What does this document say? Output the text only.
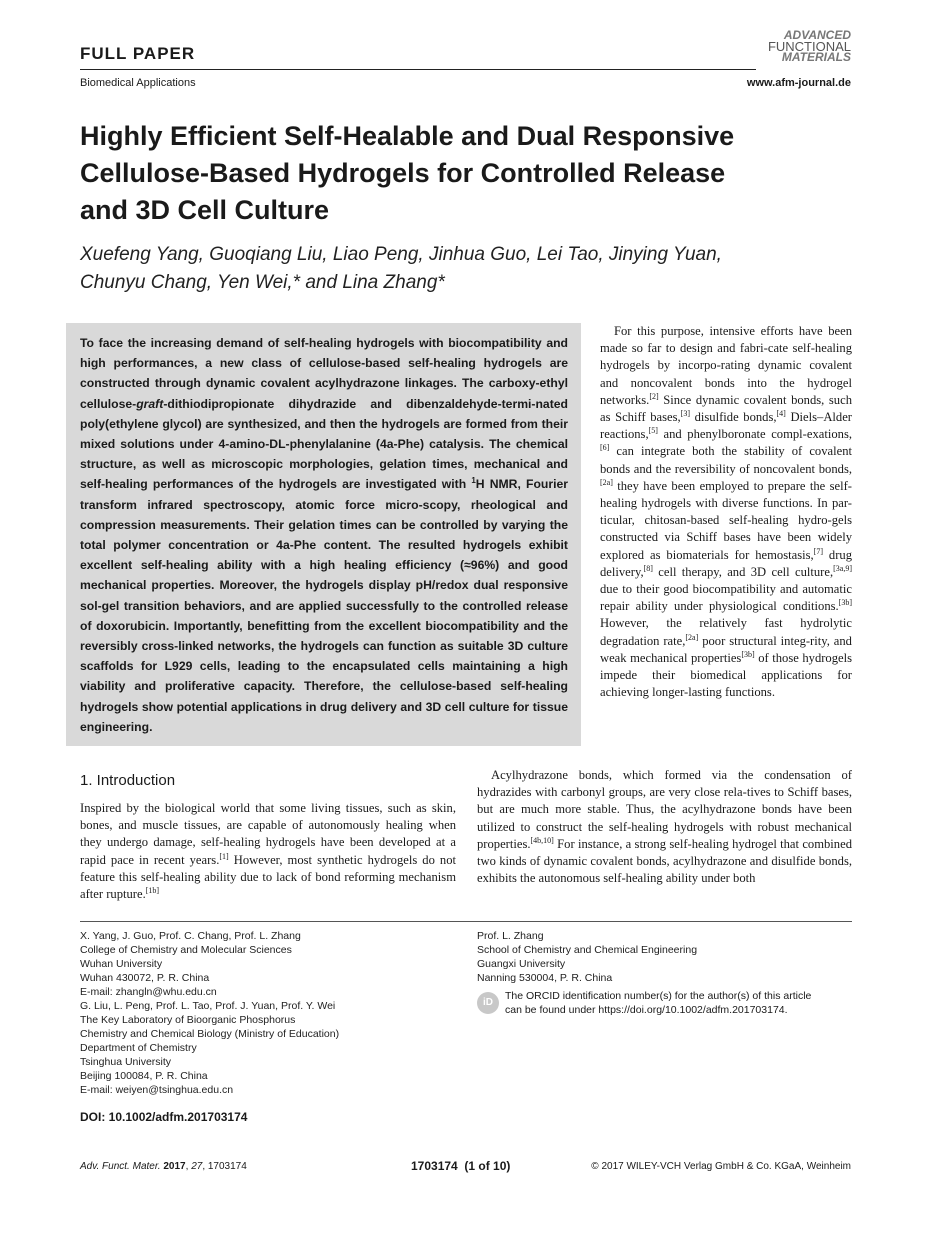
FULL PAPER
ADVANCED
FUNCTIONAL
MATERIALS
Biomedical Applications	www.afm-journal.de
Highly Efficient Self-Healable and Dual Responsive Cellulose-Based Hydrogels for Controlled Release and 3D Cell Culture
Xuefeng Yang, Guoqiang Liu, Liao Peng, Jinhua Guo, Lei Tao, Jinying Yuan,
Chunyu Chang, Yen Wei,* and Lina Zhang*
To face the increasing demand of self-healing hydrogels with biocompatibility and high performances, a new class of cellulose-based self-healing hydrogels are constructed through dynamic covalent acylhydrazone linkages. The carboxy-ethyl cellulose-graft-dithiodipropionate dihydrazide and dibenzaldehyde-termi-nated poly(ethylene glycol) are synthesized, and then the hydrogels are formed from their mixed solutions under 4-amino-DL-phenylalanine (4a-Phe) catalysis. The chemical structure, as well as microscopic morphologies, gelation times, mechanical and self-healing performances of the hydrogels are investigated with $^1$H NMR, Fourier transform infrared spectroscopy, atomic force micro-scopy, rheological and compression measurements. Their gelation times can be controlled by varying the total polymer concentration or 4a-Phe content. The resulted hydrogels exhibit excellent self-healing ability with a high healing efficiency (≈96%) and good mechanical properties. Moreover, the hydrogels display pH/redox dual responsive sol-gel transition behaviors, and are applied successfully to the controlled release of doxorubicin. Importantly, benefitting from the excellent biocompatibility and the reversibly cross-linked networks, the hydrogels can function as suitable 3D culture scaffolds for L929 cells, leading to the encapsulated cells maintaining a high viability and proliferative capacity. Therefore, the cellulose-based self-healing hydrogels show potential applications in drug delivery and 3D cell culture for tissue engineering.
For this purpose, intensive efforts have been made so far to design and fabri-cate self-healing hydrogels by incorpo-rating dynamic covalent and noncovalent bonds into the hydrogel networks.[2] Since dynamic covalent bonds, such as Schiff bases,[3] disulfide bonds,[4] Diels–Alder reactions,[5] and phenylboronate compl-exations,[6] can integrate both the stability of covalent bonds and the reversibility of noncovalent bonds,[2a] they have been employed to prepare the self-healing hydrogels with diverse functions. In par-ticular, chitosan-based self-healing hydro-gels constructed via Schiff bases have been widely explored as biomaterials for hemostasis,[7] drug delivery,[8] cell therapy, and 3D cell culture,[3a,9] due to their good biocompatibility and automatic repair ability under physiological conditions.[3b] However, the relatively fast hydrolytic degradation rate,[2a] poor structural integ-rity, and weak mechanical properties[3b] of those hydrogels impede their biomedical applications for achieving longer-lasting functions.
1. Introduction
Inspired by the biological world that some living tissues, such as skin, bones, and muscle tissues, are capable of autonomously healing when they undergo damage, self-healing hydrogels have been developed at a rapid pace in recent years.[1] However, most synthetic hydrogels do not feature this self-healing ability due to lack of bond reforming mechanism after rupture.[1b]
Acylhydrazone bonds, which formed via the condensation of hydrazides with carbonyl groups, are very close rela-tives to Schiff bases, but are much more stable. Thus, the acylhydrazone bonds have been utilized to construct the self-healing hydrogels with robust mechanical properties.[4b,10] For instance, a strong self-healing hydrogel that combined two kinds of dynamic covalent bonds, acylhydrazone and disulfide bonds, exhibits the autonomous self-healing ability under both
X. Yang, J. Guo, Prof. C. Chang, Prof. L. Zhang
College of Chemistry and Molecular Sciences
Wuhan University
Wuhan 430072, P. R. China
E-mail: zhangln@whu.edu.cn
G. Liu, L. Peng, Prof. L. Tao, Prof. J. Yuan, Prof. Y. Wei
The Key Laboratory of Bioorganic Phosphorus
Chemistry and Chemical Biology (Ministry of Education)
Department of Chemistry
Tsinghua University
Beijing 100084, P. R. China
E-mail: weiyen@tsinghua.edu.cn
Prof. L. Zhang
School of Chemistry and Chemical Engineering
Guangxi University
Nanning 530004, P. R. China
iD
The ORCID identification number(s) for the author(s) of this article
can be found under https://doi.org/10.1002/adfm.201703174.
DOI: 10.1002/adfm.201703174
Adv. Funct. Mater. 2017, 27, 1703174	1703174  (1 of 10)	© 2017 WILEY-VCH Verlag GmbH & Co. KGaA, Weinheim
